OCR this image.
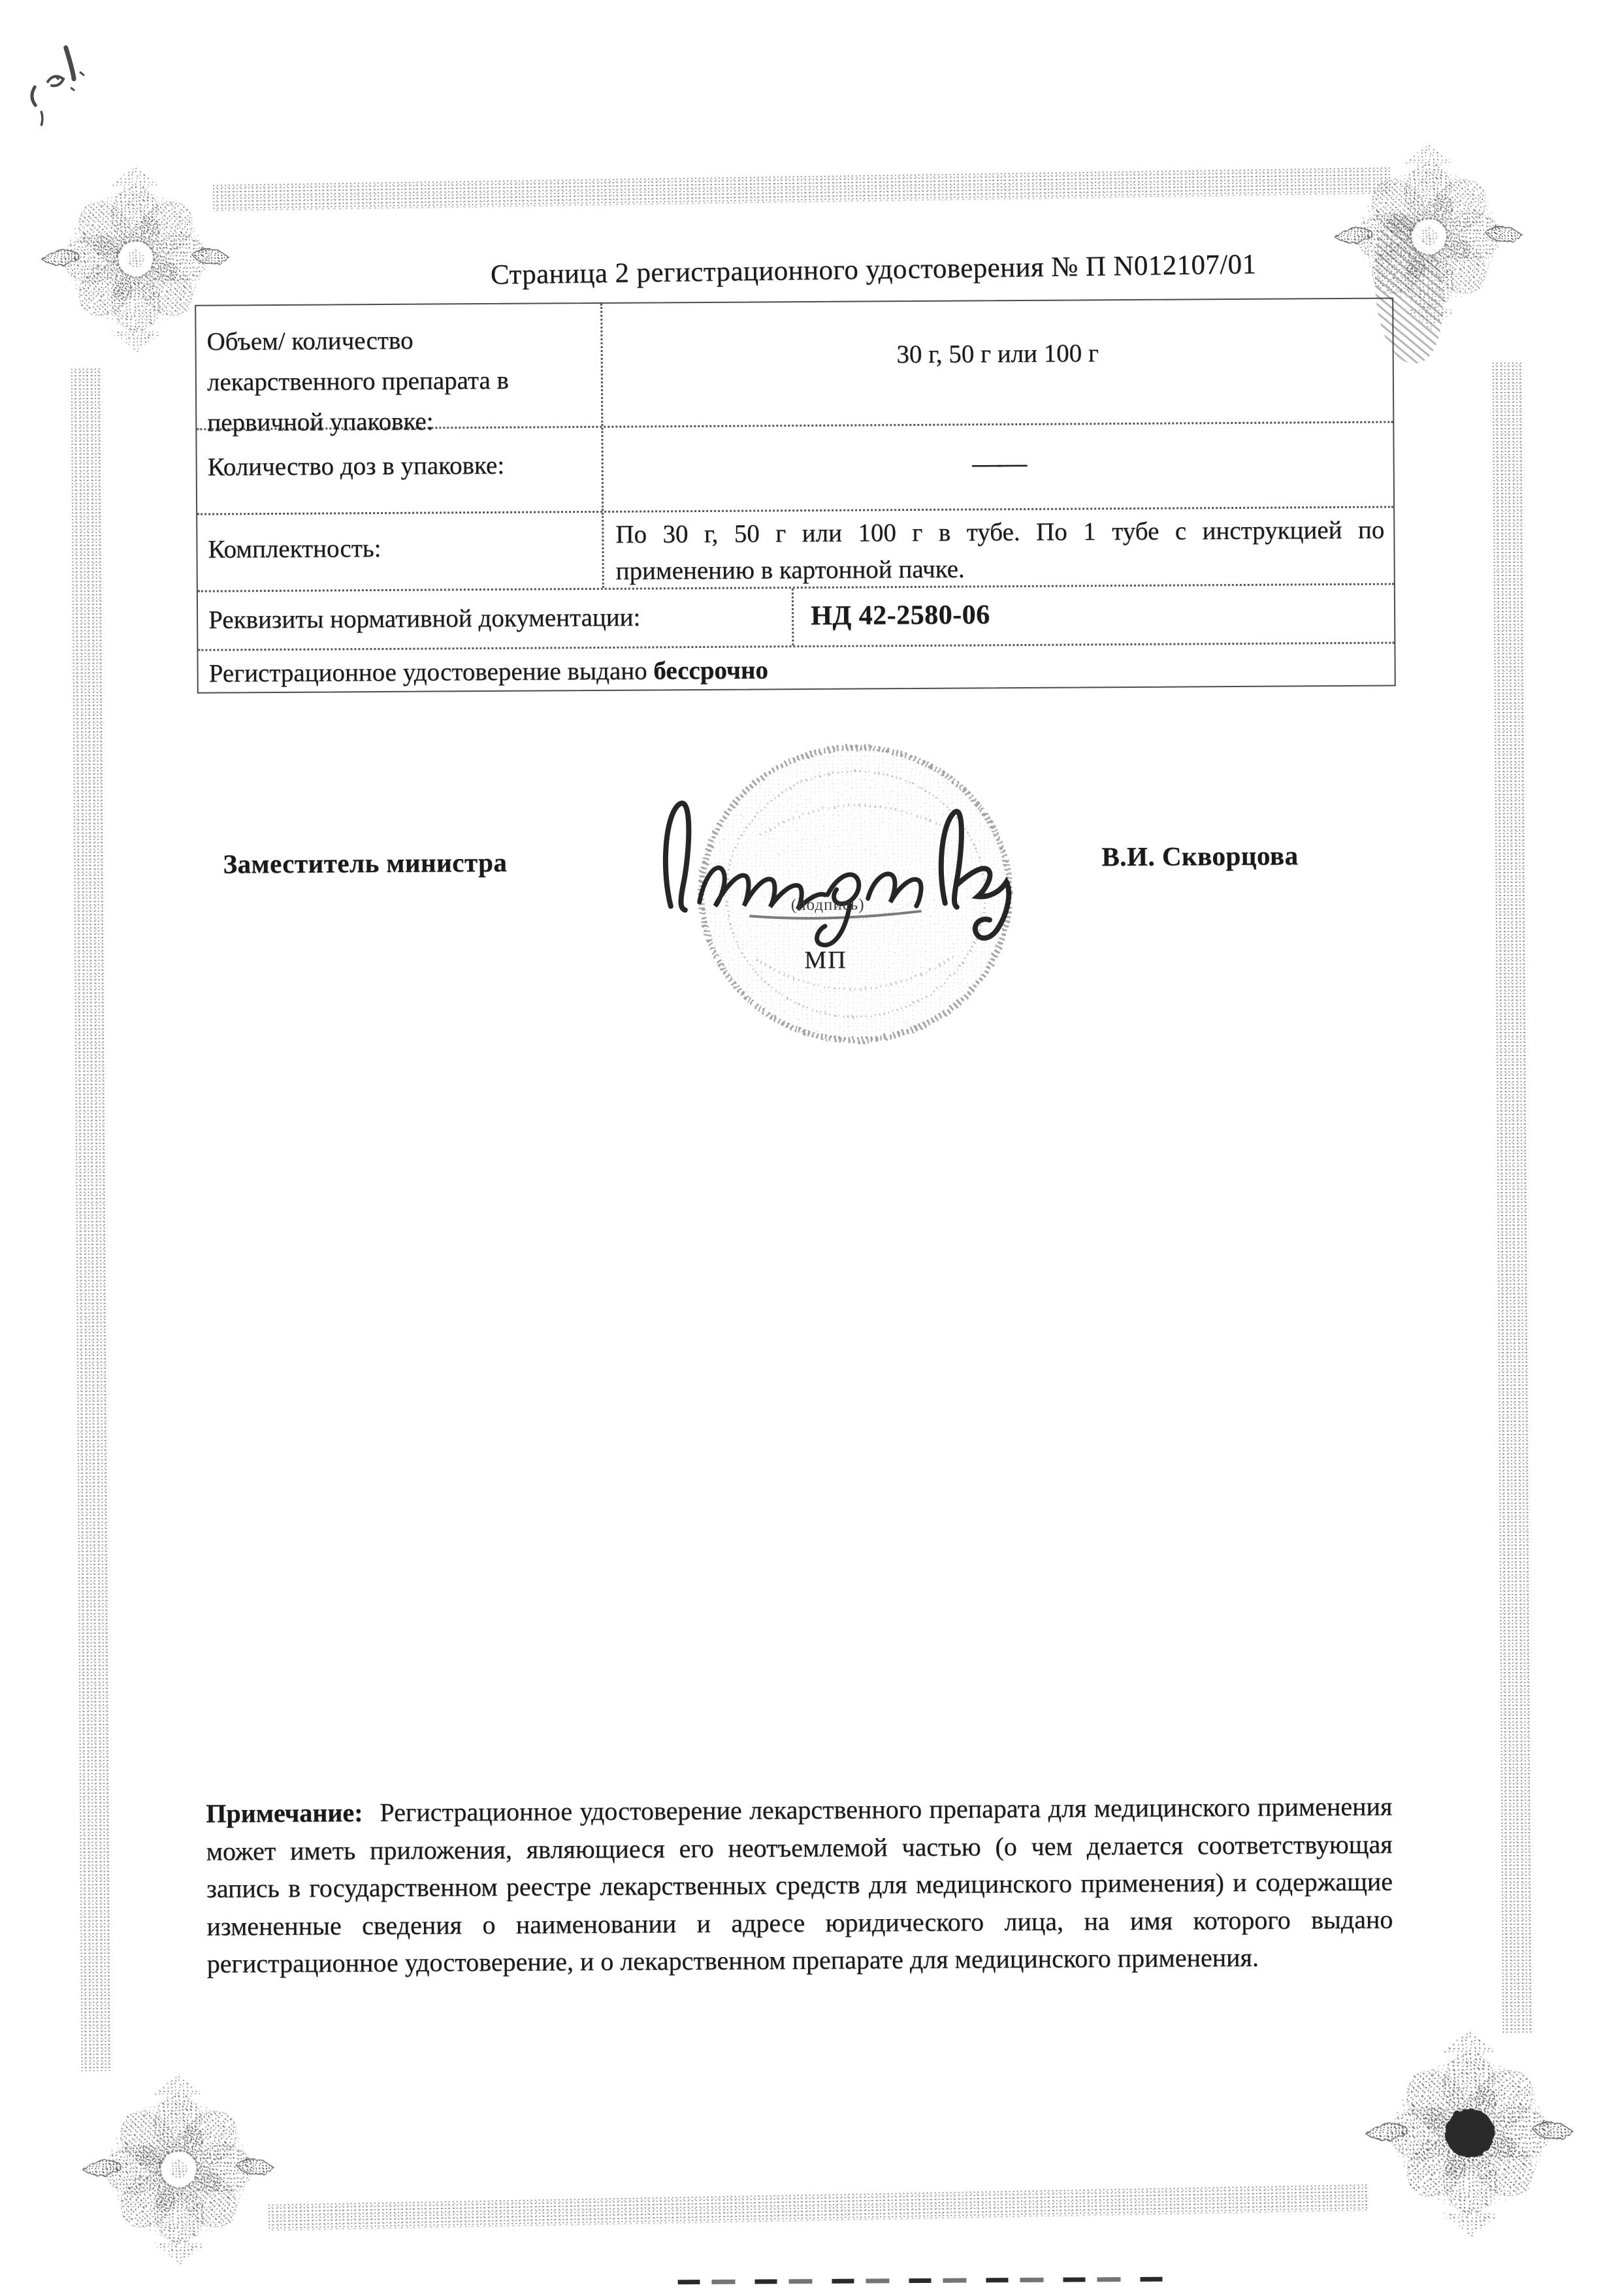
Страница 2 регистрационного удостоверения № П N012107/01
Объем/ количество лекарственного препарата в первичной упаковке:
30 г, 50 г или 100 г
Количество доз в упаковке:	——
Комплектность:
По 30 г, 50 г или 100 г в тубе. По 1 тубе с инструкцией по применению в картонной пачке.
Реквизиты нормативной документации:	НД 42-2580-06
Регистрационное удостоверение выдано бессрочно
Заместитель министра
(подпись)
МП
В.И. Скворцова
Примечание: Регистрационное удостоверение лекарственного препарата для медицинского применения может иметь приложения, являющиеся его неотъемлемой частью (о чем делается соответствующая запись в государственном реестре лекарственных средств для медицинского применения) и содержащие измененные сведения о наименовании и адресе юридического лица, на имя которого выдано регистрационное удостоверение, и о лекарственном препарате для медицинского применения.
